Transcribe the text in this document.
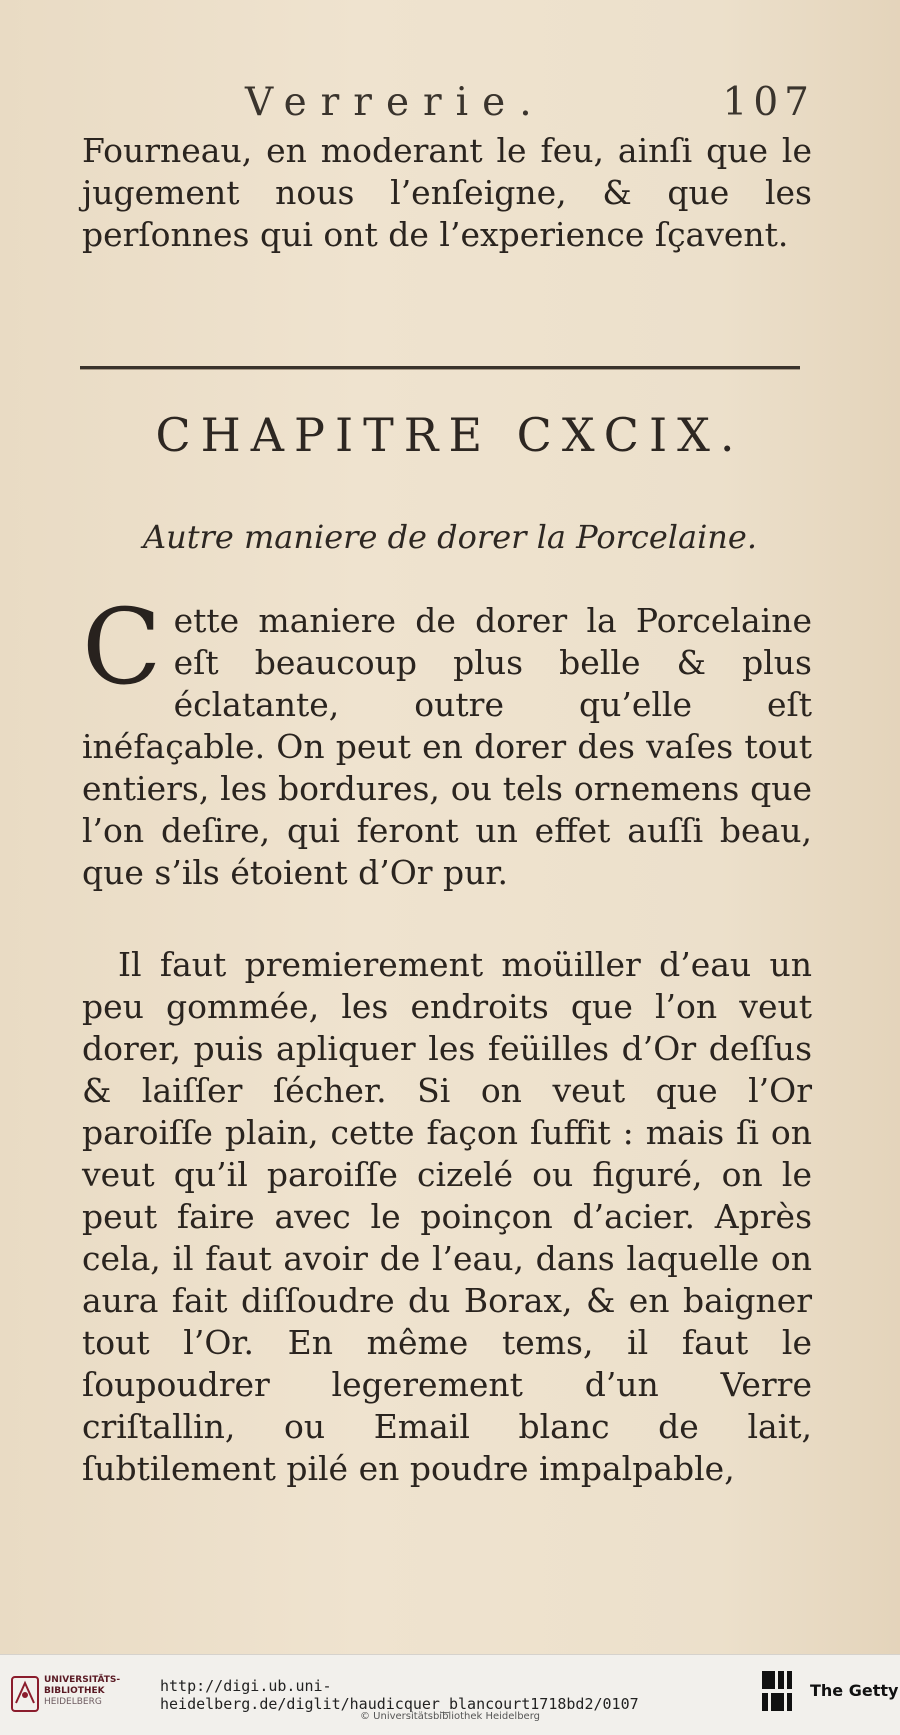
Verrerie.	107

Fourneau, en moderant le feu, ainſi que le jugement nous l’enſeigne, & que les perſonnes qui ont de l’experience ſçavent.

CHAPITRE CXCIX.
Autre maniere de dorer la Porcelaine.

Cette maniere de dorer la Porcelaine eſt beaucoup plus belle & plus éclatante, outre qu’elle eſt inéfaçable. On peut en dorer des vaſes tout entiers, les bordures, ou tels ornemens que l’on deſire, qui feront un effet auſſi beau, que s’ils étoient d’Or pur.

Il faut premierement moüiller d’eau un peu gommée, les endroits que l’on veut dorer, puis apliquer les feüilles d’Or deſſus & laiſſer ſécher. Si on veut que l’Or paroiſſe plain, cette façon ſuffit : mais ſi on veut qu’il paroiſſe cizelé ou figuré, on le peut faire avec le poinçon d’acier. Après cela, il faut avoir de l’eau, dans laquelle on aura fait diſſoudre du Borax, & en baigner tout l’Or. En même tems, il faut le ſoupoudrer legerement d’un Verre criſtallin, ou Email blanc de lait, ſubtilement pilé en poudre impalpable,

UNIVERSITÄTS-
BIBLIOTHEK
HEIDELBERG
http://digi.ub.uni-heidelberg.de/diglit/haudicquer_blancourt1718bd2/0107
© Universitätsbibliothek Heidelberg
The Getty
